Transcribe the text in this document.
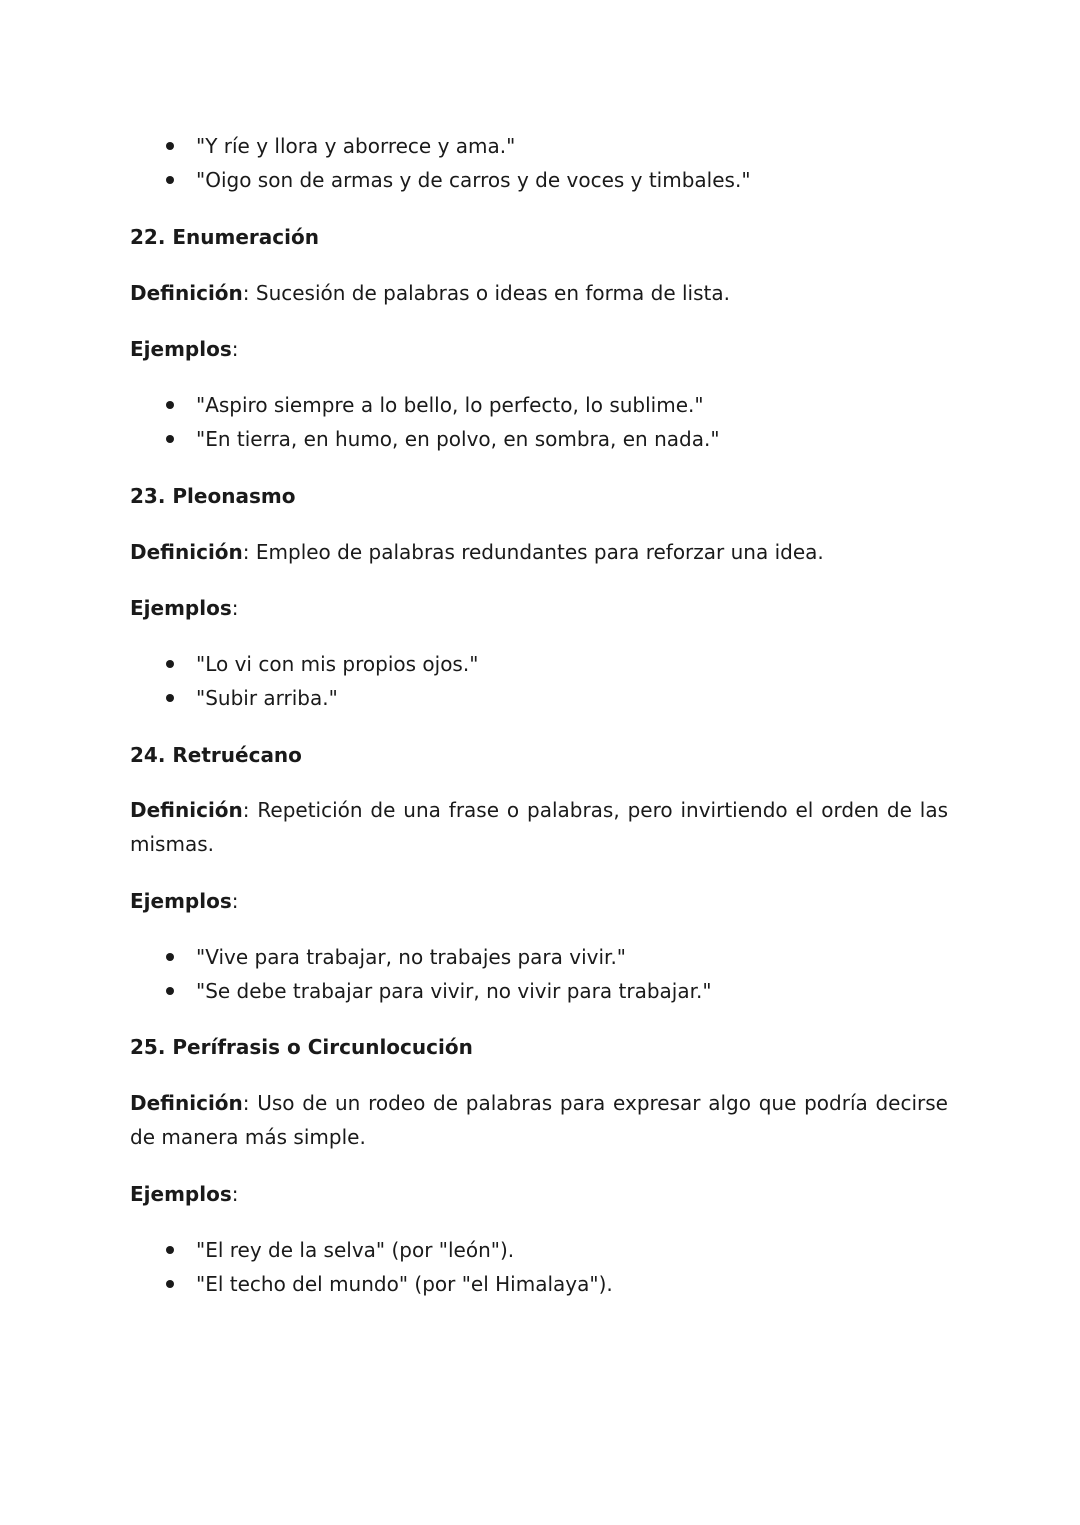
"Y ríe y llora y aborrece y ama."
"Oigo son de armas y de carros y de voces y timbales."
22. Enumeración

Definición: Sucesión de palabras o ideas en forma de lista.

Ejemplos:

"Aspiro siempre a lo bello, lo perfecto, lo sublime."
"En tierra, en humo, en polvo, en sombra, en nada."
23. Pleonasmo

Definición: Empleo de palabras redundantes para reforzar una idea.

Ejemplos:

"Lo vi con mis propios ojos."
"Subir arriba."
24. Retruécano

Definición: Repetición de una frase o palabras, pero invirtiendo el orden de las mismas.

Ejemplos:

"Vive para trabajar, no trabajes para vivir."
"Se debe trabajar para vivir, no vivir para trabajar."
25. Perífrasis o Circunlocución

Definición: Uso de un rodeo de palabras para expresar algo que podría decirse de manera más simple.

Ejemplos:

"El rey de la selva" (por "león").
"El techo del mundo" (por "el Himalaya").
